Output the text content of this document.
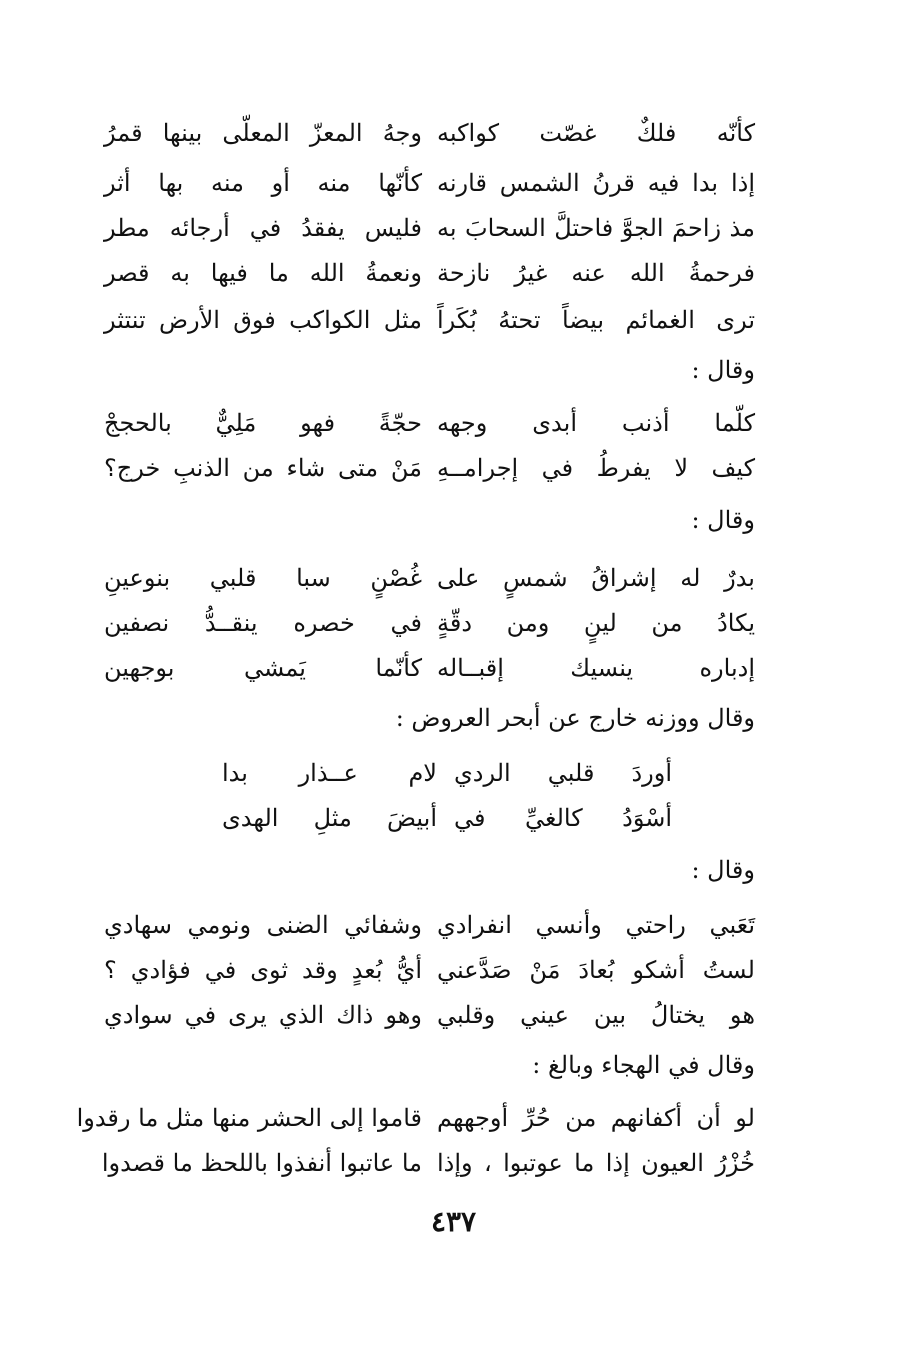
كأنّه فلكٌ غصّت كواكبه
وجهُ المعزّ المعلّى بينها قمرُ
إذا بدا فيه قرنُ الشمس قارنه
كأنّها منه أو منه بها أثر
مذ زاحمَ الجوَّ فاحتلَّ السحابَ به
فليس يفقدُ في أرجائه مطر
فرحمةُ الله عنه غيرُ نازحة
ونعمةُ الله ما فيها به قصر
ترى الغمائم بيضاً تحتهُ بُكَراً
مثل الكواكب فوق الأرض تنتثر
وقال :
كلّما أذنب أبدى وجهه
حجّةً فهو مَلِيٌّ بالحججْ
كيف لا يفرطُ في إجرامــهِ
مَنْ متى شاء من الذنبِ خرج؟
وقال :
بدرٌ له إشراقُ شمسٍ على
غُصْنٍ سبا قلبي بنوعينِ
يكادُ من لينٍ ومن دقّةٍ
في خصره ينقــدُّ نصفين
إدباره ينسيك إقبــاله
كأنّما يَمشي بوجهين
وقال ووزنه خارج عن أبحر العروض :
أوردَ قلبي الردي
لام عــذار بدا
أسْوَدُ كالغيِّ في
أبيضَ مثلِ الهدى
وقال :
تَعَبي راحتي وأنسي انفرادي
وشفائي الضنى ونومي سهادي
لستُ أشكو بُعادَ مَنْ صَدَّعني
أيُّ بُعدٍ وقد ثوى في فؤادي ؟
هو يختالُ بين عيني وقلبي
وهو ذاك الذي يرى في سوادي
وقال في الهجاء وبالغ :
لو أن أكفانهم من حُرِّ أوجههم
قاموا إلى الحشر منها مثل ما رقدوا
خُزْرُ العيون إذا ما عوتبوا ، وإذا
ما عاتبوا أنفذوا باللحظ ما قصدوا
٤٣٧
